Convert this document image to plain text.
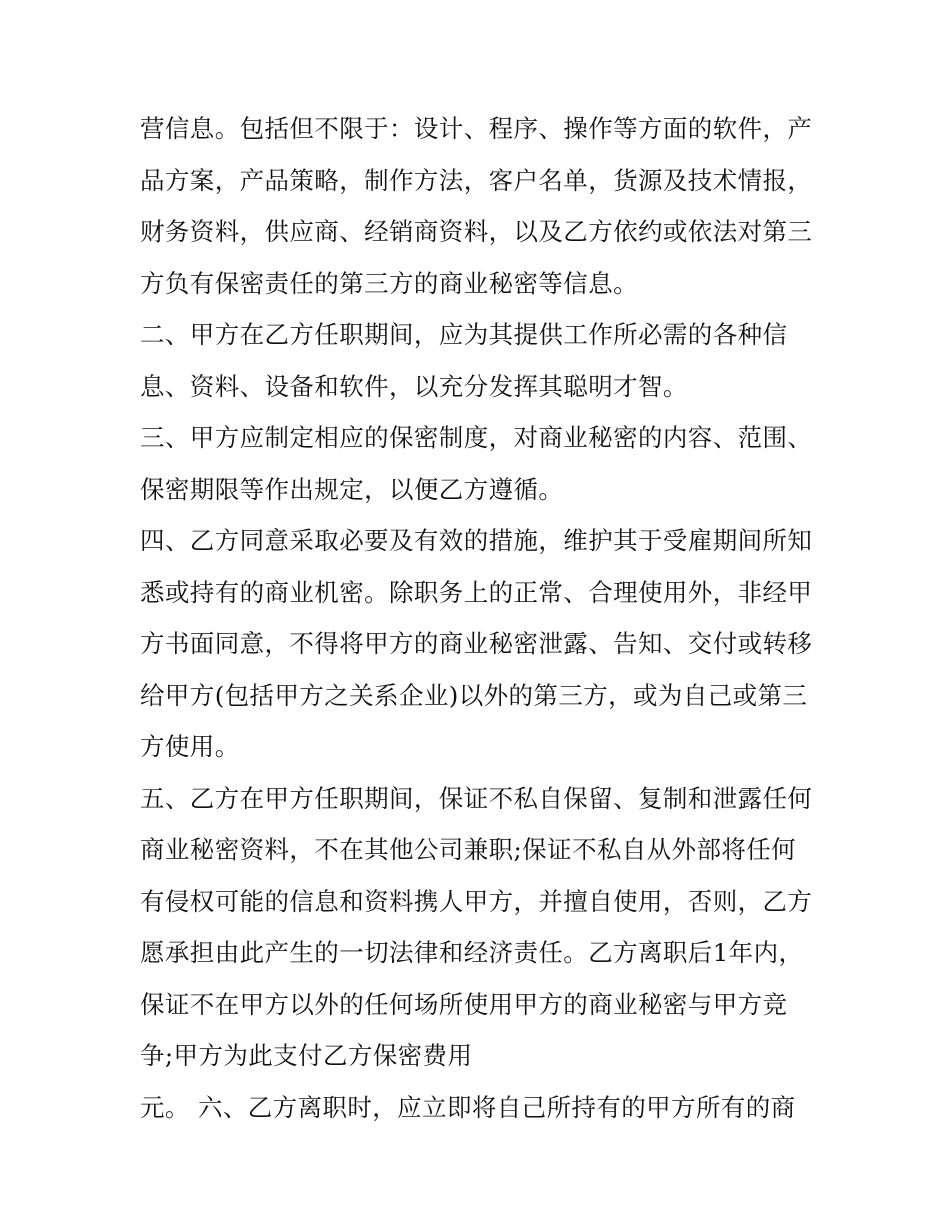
营信息。包括但不限于：设计、程序、操作等方面的软件，产
品方案，产品策略，制作方法，客户名单，货源及技术情报，
财务资料，供应商、经销商资料，以及乙方依约或依法对第三
方负有保密责任的第三方的商业秘密等信息。
二、甲方在乙方任职期间，应为其提供工作所必需的各种信
息、资料、设备和软件，以充分发挥其聪明才智。
三、甲方应制定相应的保密制度，对商业秘密的内容、范围、
保密期限等作出规定，以便乙方遵循。
四、乙方同意采取必要及有效的措施，维护其于受雇期间所知
悉或持有的商业机密。除职务上的正常、合理使用外，非经甲
方书面同意，不得将甲方的商业秘密泄露、告知、交付或转移
给甲方(包括甲方之关系企业)以外的第三方，或为自己或第三
方使用。
五、乙方在甲方任职期间，保证不私自保留、复制和泄露任何
商业秘密资料，不在其他公司兼职;保证不私自从外部将任何
有侵权可能的信息和资料携人甲方，并擅自使用，否则，乙方
愿承担由此产生的一切法律和经济责任。乙方离职后1年内，
保证不在甲方以外的任何场所使用甲方的商业秘密与甲方竞
争;甲方为此支付乙方保密费用
元。 六、乙方离职时，应立即将自己所持有的甲方所有的商
